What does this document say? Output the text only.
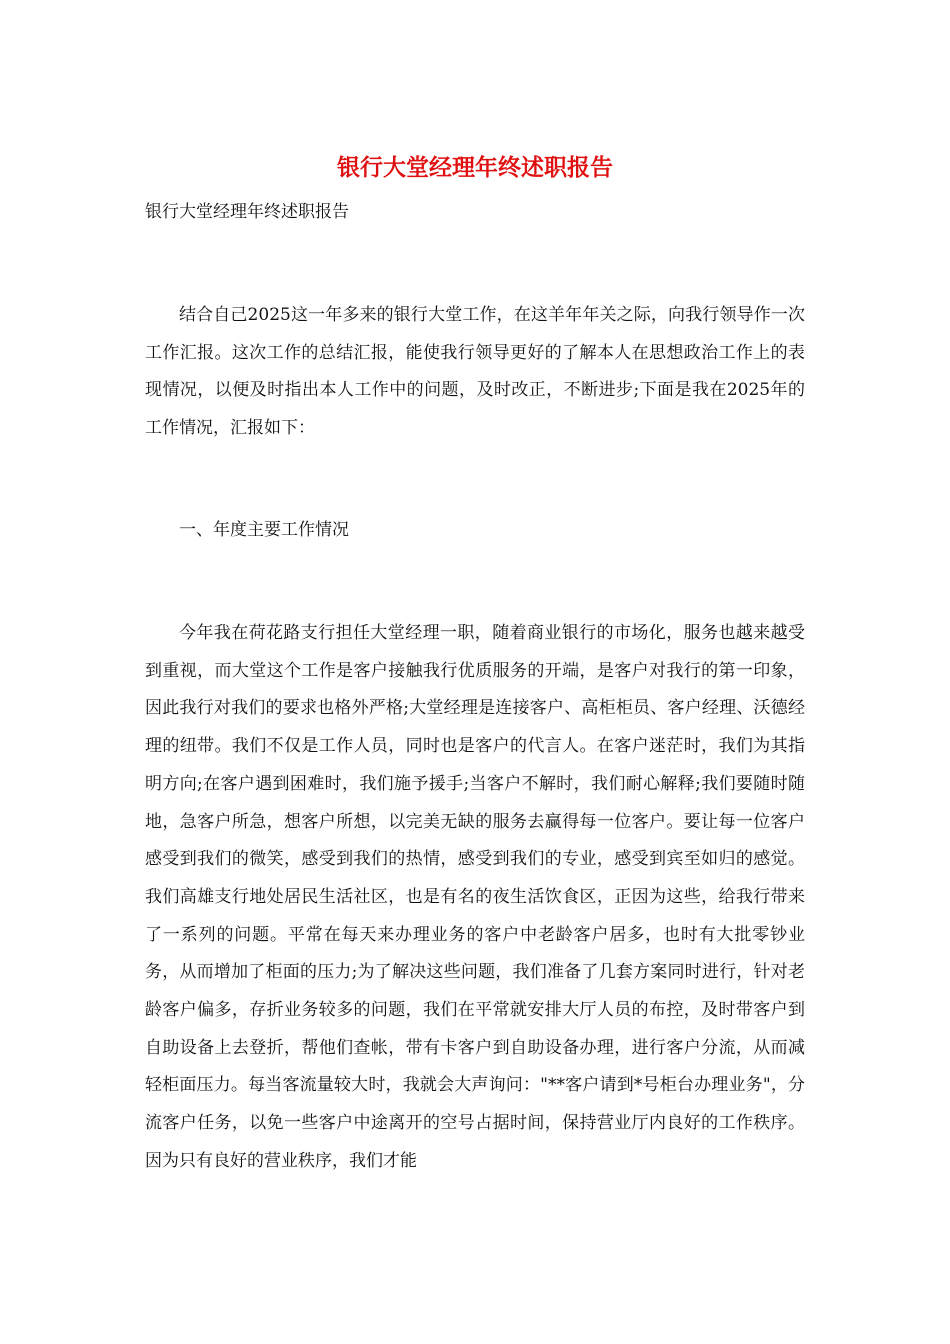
银行大堂经理年终述职报告

银行大堂经理年终述职报告

结合自己2025这一年多来的银行大堂工作，在这羊年年关之际，向我行领导作一次工作汇报。这次工作的总结汇报，能使我行领导更好的了解本人在思想政治工作上的表现情况，以便及时指出本人工作中的问题，及时改正，不断进步;下面是我在2025年的工作情况，汇报如下：

一、年度主要工作情况

今年我在荷花路支行担任大堂经理一职，随着商业银行的市场化，服务也越来越受到重视，而大堂这个工作是客户接触我行优质服务的开端，是客户对我行的第一印象，因此我行对我们的要求也格外严格;大堂经理是连接客户、高柜柜员、客户经理、沃德经理的纽带。我们不仅是工作人员，同时也是客户的代言人。在客户迷茫时，我们为其指明方向;在客户遇到困难时，我们施予援手;当客户不解时，我们耐心解释;我们要随时随地，急客户所急，想客户所想，以完美无缺的服务去赢得每一位客户。要让每一位客户感受到我们的微笑，感受到我们的热情，感受到我们的专业，感受到宾至如归的感觉。我们高雄支行地处居民生活社区，也是有名的夜生活饮食区，正因为这些，给我行带来了一系列的问题。平常在每天来办理业务的客户中老龄客户居多，也时有大批零钞业务，从而增加了柜面的压力;为了解决这些问题，我们准备了几套方案同时进行，针对老龄客户偏多，存折业务较多的问题，我们在平常就安排大厅人员的布控，及时带客户到自助设备上去登折，帮他们查帐，带有卡客户到自助设备办理，进行客户分流，从而减轻柜面压力。每当客流量较大时，我就会大声询问："**客户请到*号柜台办理业务"，分流客户任务，以免一些客户中途离开的空号占据时间，保持营业厅内良好的工作秩序。因为只有良好的营业秩序，我们才能
